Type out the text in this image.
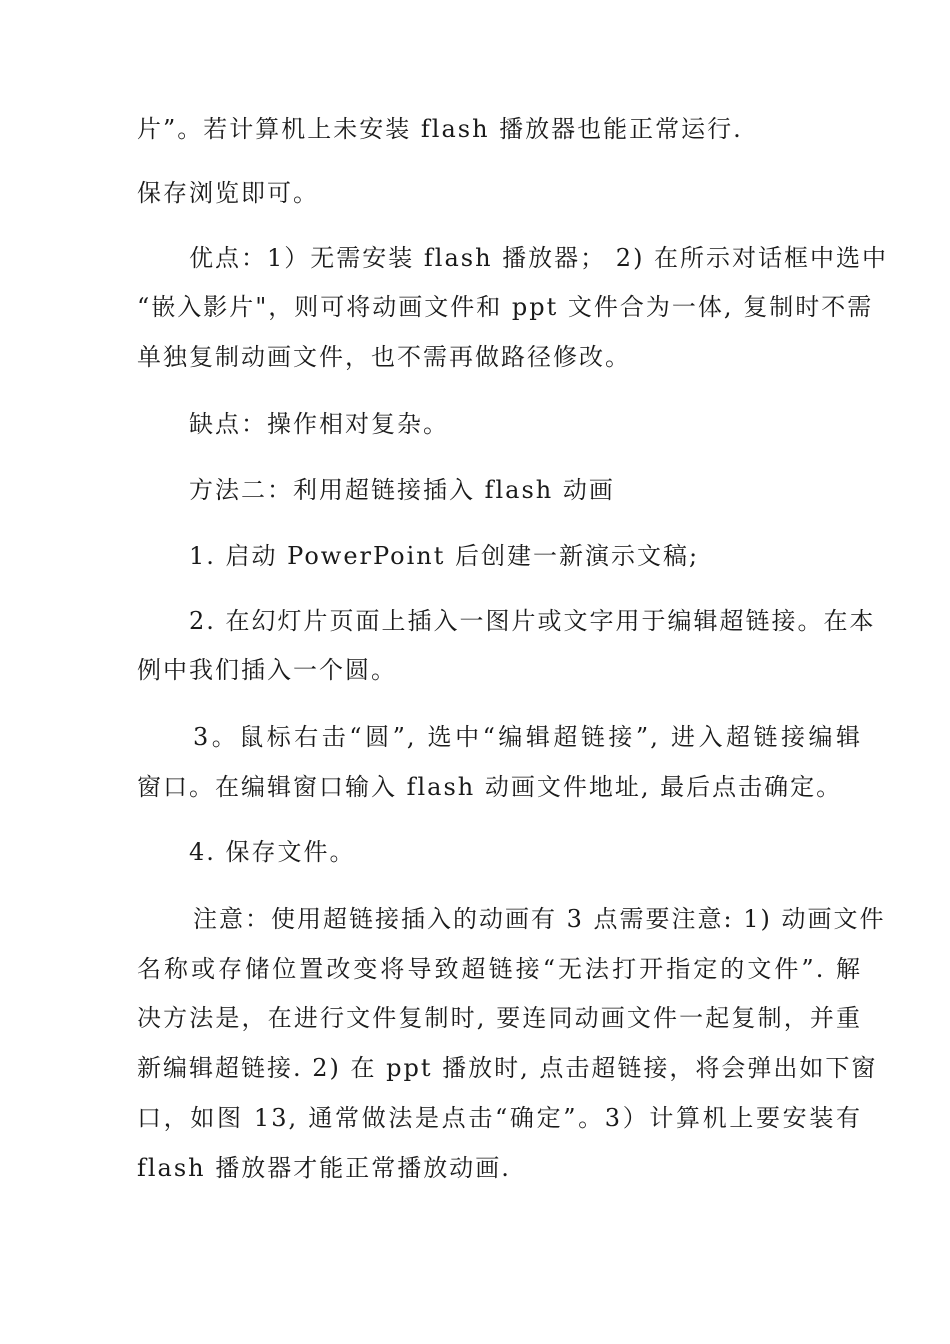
片”。若计算机上未安装 flash 播放器也能正常运行.
保存浏览即可。
优点：1）无需安装 flash 播放器； 2) 在所示对话框中选中
“嵌入影片"，则可将动画文件和 ppt 文件合为一体, 复制时不需
单独复制动画文件，也不需再做路径修改。
缺点：操作相对复杂。
方法二：利用超链接插入 flash 动画
1. 启动 PowerPoint 后创建一新演示文稿;
2. 在幻灯片页面上插入一图片或文字用于编辑超链接。在本
例中我们插入一个圆。
3。鼠标右击“圆”, 选中“编辑超链接”, 进入超链接编辑
窗口。在编辑窗口输入 flash 动画文件地址, 最后点击确定。
4. 保存文件。
注意：使用超链接插入的动画有 3 点需要注意: 1) 动画文件
名称或存储位置改变将导致超链接“无法打开指定的文件”. 解
决方法是，在进行文件复制时, 要连同动画文件一起复制，并重
新编辑超链接. 2) 在 ppt 播放时, 点击超链接，将会弹出如下窗
口，如图 13, 通常做法是点击“确定”。3）计算机上要安装有
flash 播放器才能正常播放动画.
